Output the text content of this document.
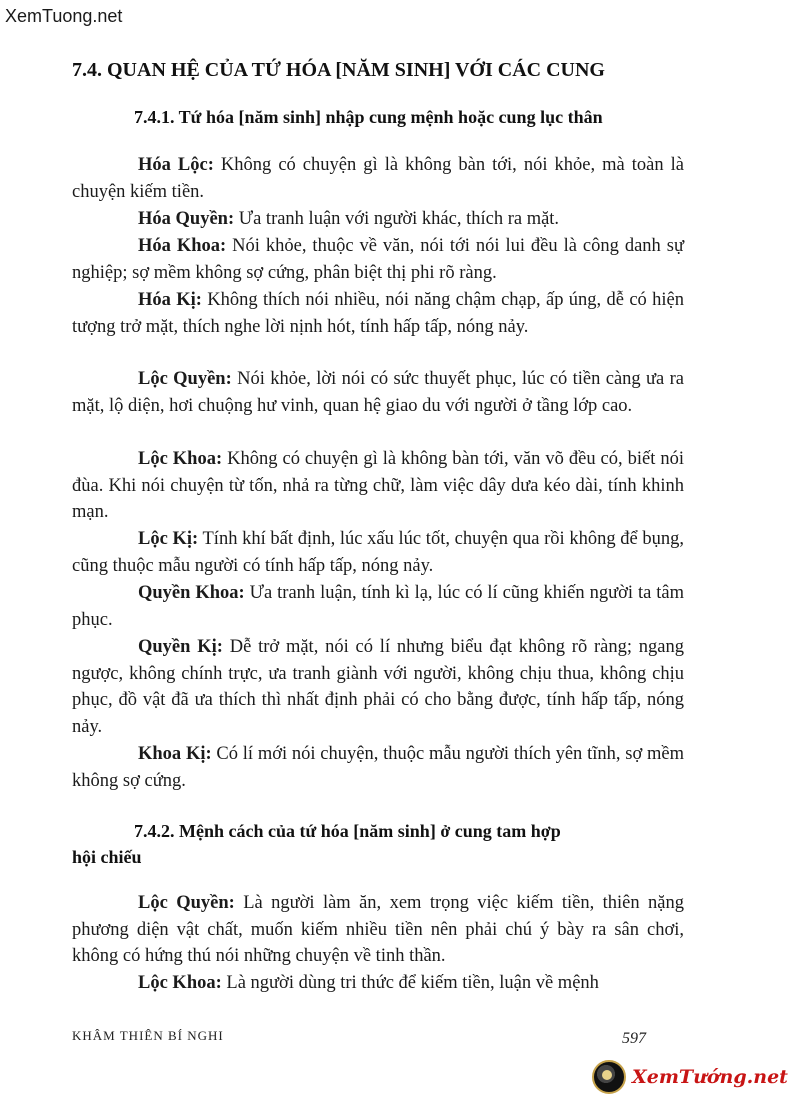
XemTuong.net
7.4. QUAN HỆ CỦA TỨ HÓA [NĂM SINH] VỚI CÁC CUNG
7.4.1. Tứ hóa [năm sinh] nhập cung mệnh hoặc cung lục thân
Hóa Lộc: Không có chuyện gì là không bàn tới, nói khỏe, mà toàn là chuyện kiếm tiền.
Hóa Quyền: Ưa tranh luận với người khác, thích ra mặt.
Hóa Khoa: Nói khỏe, thuộc về văn, nói tới nói lui đều là công danh sự nghiệp; sợ mềm không sợ cứng, phân biệt thị phi rõ ràng.
Hóa Kị: Không thích nói nhiều, nói năng chậm chạp, ấp úng, dễ có hiện tượng trở mặt, thích nghe lời nịnh hót, tính hấp tấp, nóng nảy.
Lộc Quyền: Nói khỏe, lời nói có sức thuyết phục, lúc có tiền càng ưa ra mặt, lộ diện, hơi chuộng hư vinh, quan hệ giao du với người ở tầng lớp cao.
Lộc Khoa: Không có chuyện gì là không bàn tới, văn võ đều có, biết nói đùa. Khi nói chuyện từ tốn, nhả ra từng chữ, làm việc dây dưa kéo dài, tính khinh mạn.
Lộc Kị: Tính khí bất định, lúc xấu lúc tốt, chuyện qua rồi không để bụng, cũng thuộc mẫu người có tính hấp tấp, nóng nảy.
Quyền Khoa: Ưa tranh luận, tính kì lạ, lúc có lí cũng khiến người ta tâm phục.
Quyền Kị: Dễ trở mặt, nói có lí nhưng biểu đạt không rõ ràng; ngang ngược, không chính trực, ưa tranh giành với người, không chịu thua, không chịu phục, đồ vật đã ưa thích thì nhất định phải có cho bằng được, tính hấp tấp, nóng nảy.
Khoa Kị: Có lí mới nói chuyện, thuộc mẫu người thích yên tĩnh, sợ mềm không sợ cứng.
7.4.2. Mệnh cách của tứ hóa [năm sinh] ở cung tam hợp
hội chiếu
Lộc Quyền: Là người làm ăn, xem trọng việc kiếm tiền, thiên nặng phương diện vật chất, muốn kiếm nhiều tiền nên phải chú ý bày ra sân chơi, không có hứng thú nói những chuyện về tinh thần.
Lộc Khoa: Là người dùng tri thức để kiếm tiền, luận về mệnh
KHÂM THIÊN BÍ NGHI	597
XemTướng.net
